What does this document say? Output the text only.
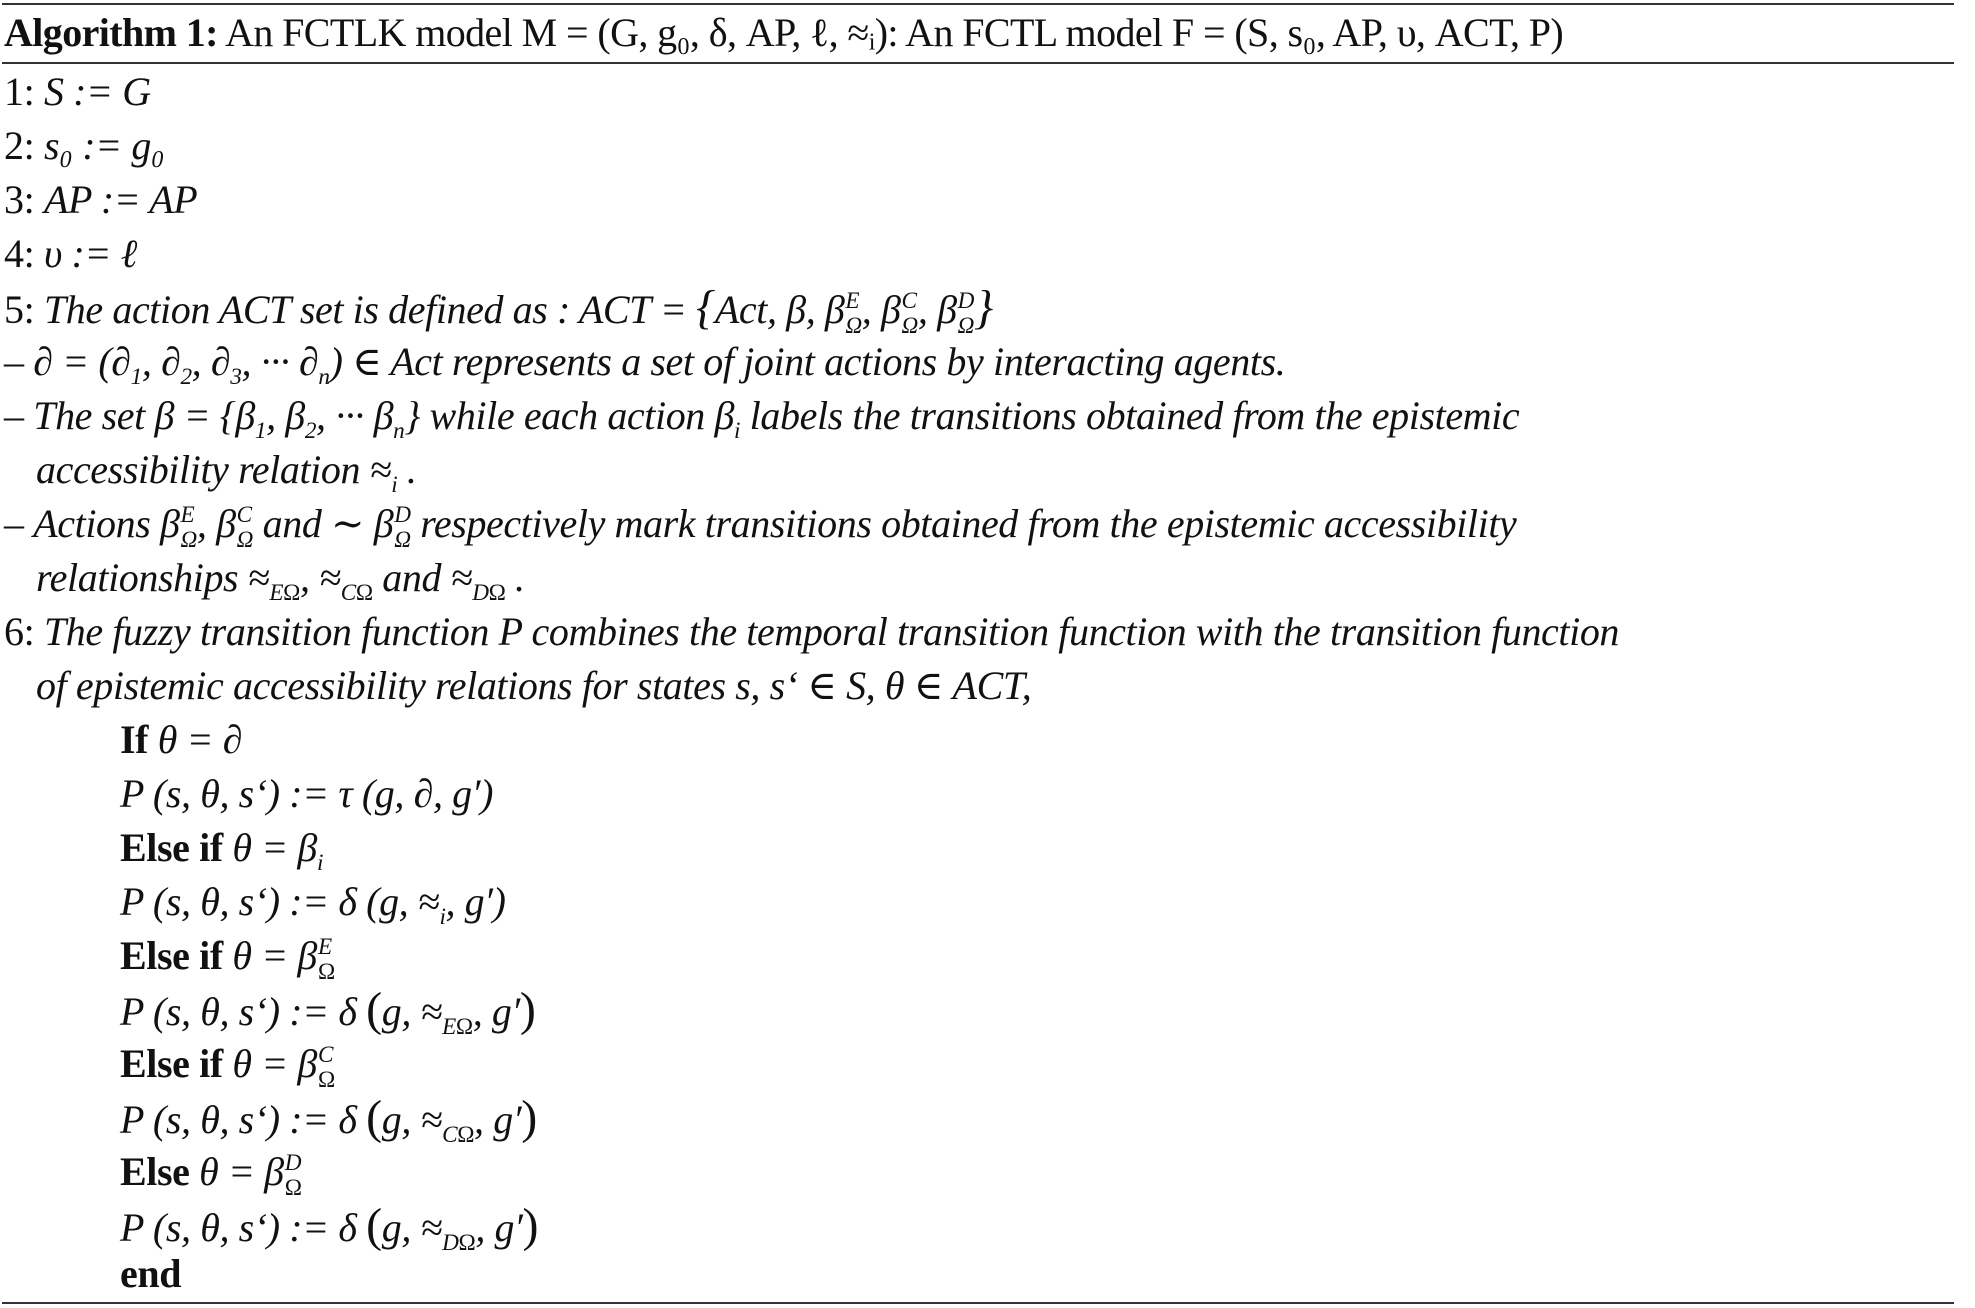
Algorithm 1: An FCTLK model M = (G, g₀, δ, AP, ℓ, ≈ᵢ): An FCTL model F = (S, s₀, AP, υ, ACT, P)
1: S := G
2: s₀ := g₀
3: AP := AP
4: υ := ℓ
5: The action ACT set is defined as : ACT = {Act, β, β E
Ω , β C
Ω , β D
Ω }
– ∂ = ($\partial_1$, $\partial_2$, $\partial_3$, ··· $\partial_n$) ∈ Act represents a set of joint actions by interacting agents.
– The set $\beta = \{\beta_1$, $\beta_2$, ··· $\beta_n$} while each action $\beta_i$ labels the transitions obtained from the epistemic
accessibility relation $\approx_i$ .
– Actions β E
Ω , β C
Ω and ∼ β D
Ω respectively mark transitions obtained from the epistemic accessibility
relationships $\approx_{E\Omega}$, $\approx_{C\Omega}$ and $\approx_{D\Omega}$ .
6: The fuzzy transition function P combines the temporal transition function with the transition function
of epistemic accessibility relations for states s, s‘ ∈ S, θ ∈ ACT,
If θ = ∂
P (s, θ, s‘) := τ (g, ∂, g′)
Else if $\theta = \beta_i$
P (s, θ, s‘) := δ (g, $\approx_i$, g′)
Else if θ = β E
Ω
P (s, θ, s‘) := δ (g, $\approx_{E\Omega}$, g′)
Else if θ = β C
Ω
P (s, θ, s‘) := δ (g, $\approx_{C\Omega}$, g′)
Else θ = β D
Ω
P (s, θ, s‘) := δ (g, $\approx_{D\Omega}$, g′)
end
